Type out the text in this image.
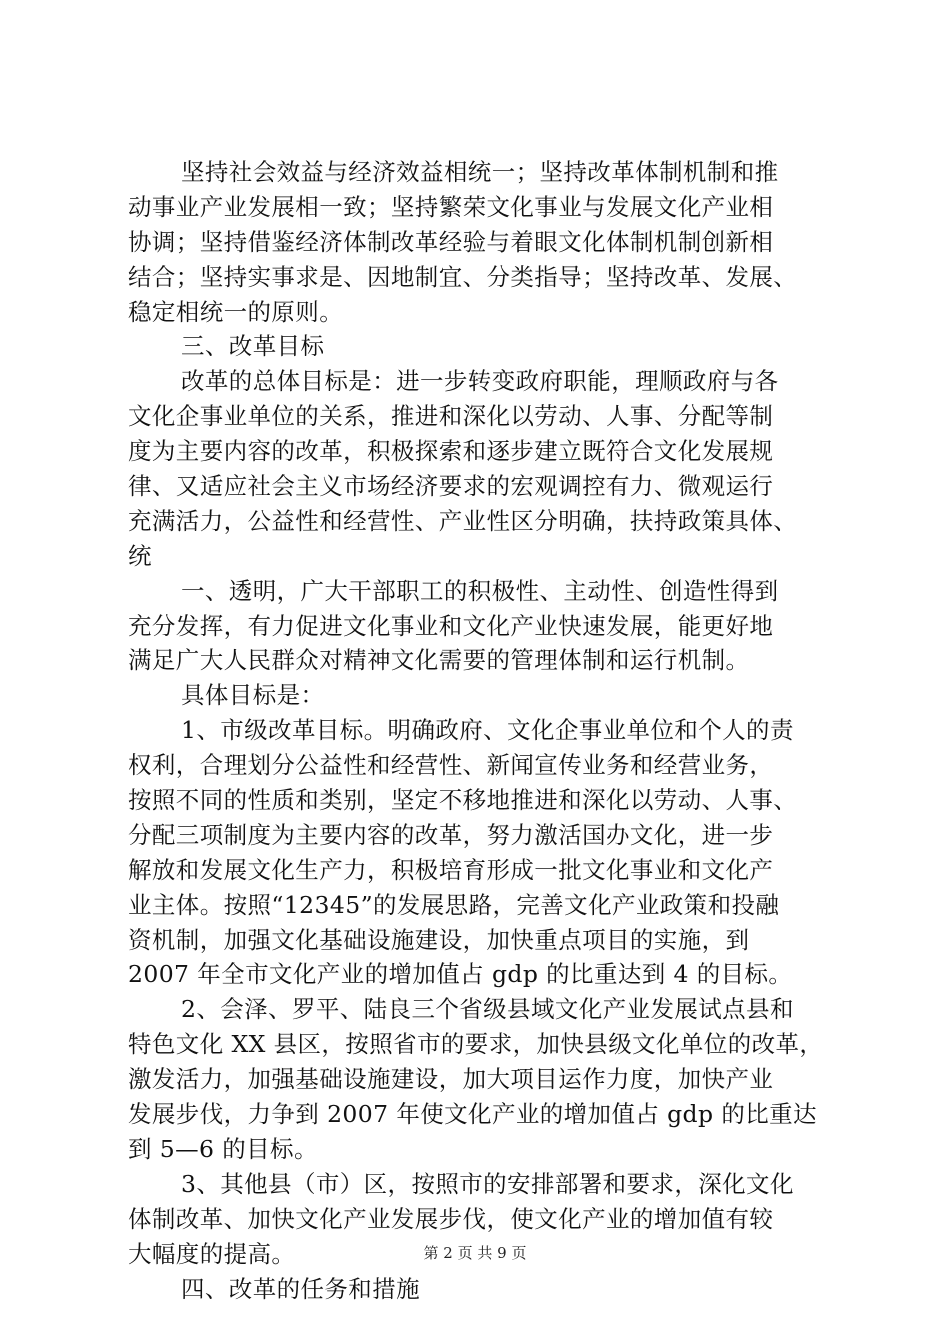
坚持社会效益与经济效益相统一；坚持改革体制机制和推
动事业产业发展相一致；坚持繁荣文化事业与发展文化产业相
协调；坚持借鉴经济体制改革经验与着眼文化体制机制创新相
结合；坚持实事求是、因地制宜、分类指导；坚持改革、发展、
稳定相统一的原则。
三、改革目标
改革的总体目标是：进一步转变政府职能，理顺政府与各
文化企事业单位的关系，推进和深化以劳动、人事、分配等制
度为主要内容的改革，积极探索和逐步建立既符合文化发展规
律、又适应社会主义市场经济要求的宏观调控有力、微观运行
充满活力，公益性和经营性、产业性区分明确，扶持政策具体、
统
一、透明，广大干部职工的积极性、主动性、创造性得到
充分发挥，有力促进文化事业和文化产业快速发展，能更好地
满足广大人民群众对精神文化需要的管理体制和运行机制。
具体目标是：
1、市级改革目标。明确政府、文化企事业单位和个人的责
权利，合理划分公益性和经营性、新闻宣传业务和经营业务，
按照不同的性质和类别，坚定不移地推进和深化以劳动、人事、
分配三项制度为主要内容的改革，努力激活国办文化，进一步
解放和发展文化生产力，积极培育形成一批文化事业和文化产
业主体。按照“12345”的发展思路，完善文化产业政策和投融
资机制，加强文化基础设施建设，加快重点项目的实施，到
2007 年全市文化产业的增加值占 gdp 的比重达到 4 的目标。
2、会泽、罗平、陆良三个省级县域文化产业发展试点县和
特色文化 XX 县区，按照省市的要求，加快县级文化单位的改革，
激发活力，加强基础设施建设，加大项目运作力度，加快产业
发展步伐，力争到 2007 年使文化产业的增加值占 gdp 的比重达
到 5—6 的目标。
3、其他县（市）区，按照市的安排部署和要求，深化文化
体制改革、加快文化产业发展步伐，使文化产业的增加值有较
大幅度的提高。
四、改革的任务和措施
第 2 页 共 9 页
